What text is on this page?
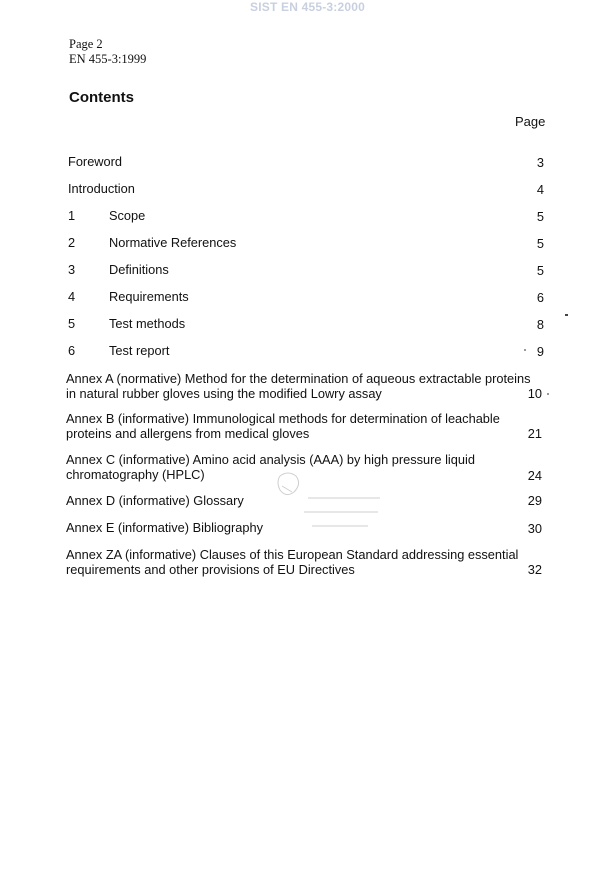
SIST EN 455-3:2000
Page 2
EN 455-3:1999
Contents
Page
Foreword	3
Introduction	4
1	Scope	5
2	Normative References	5
3	Definitions	5
4	Requirements	6
5	Test methods	8
6	Test report	9
Annex A (normative) Method for the determination of aqueous extractable proteins
in natural rubber gloves using the modified Lowry assay	10
Annex B (informative) Immunological methods for determination of leachable
proteins and allergens from medical gloves	21
Annex C (informative) Amino acid analysis (AAA) by high pressure liquid
chromatography (HPLC)	24
Annex D (informative) Glossary	29
Annex E (informative) Bibliography	30
Annex ZA (informative) Clauses of this European Standard addressing essential
requirements and other provisions of EU Directives	32
